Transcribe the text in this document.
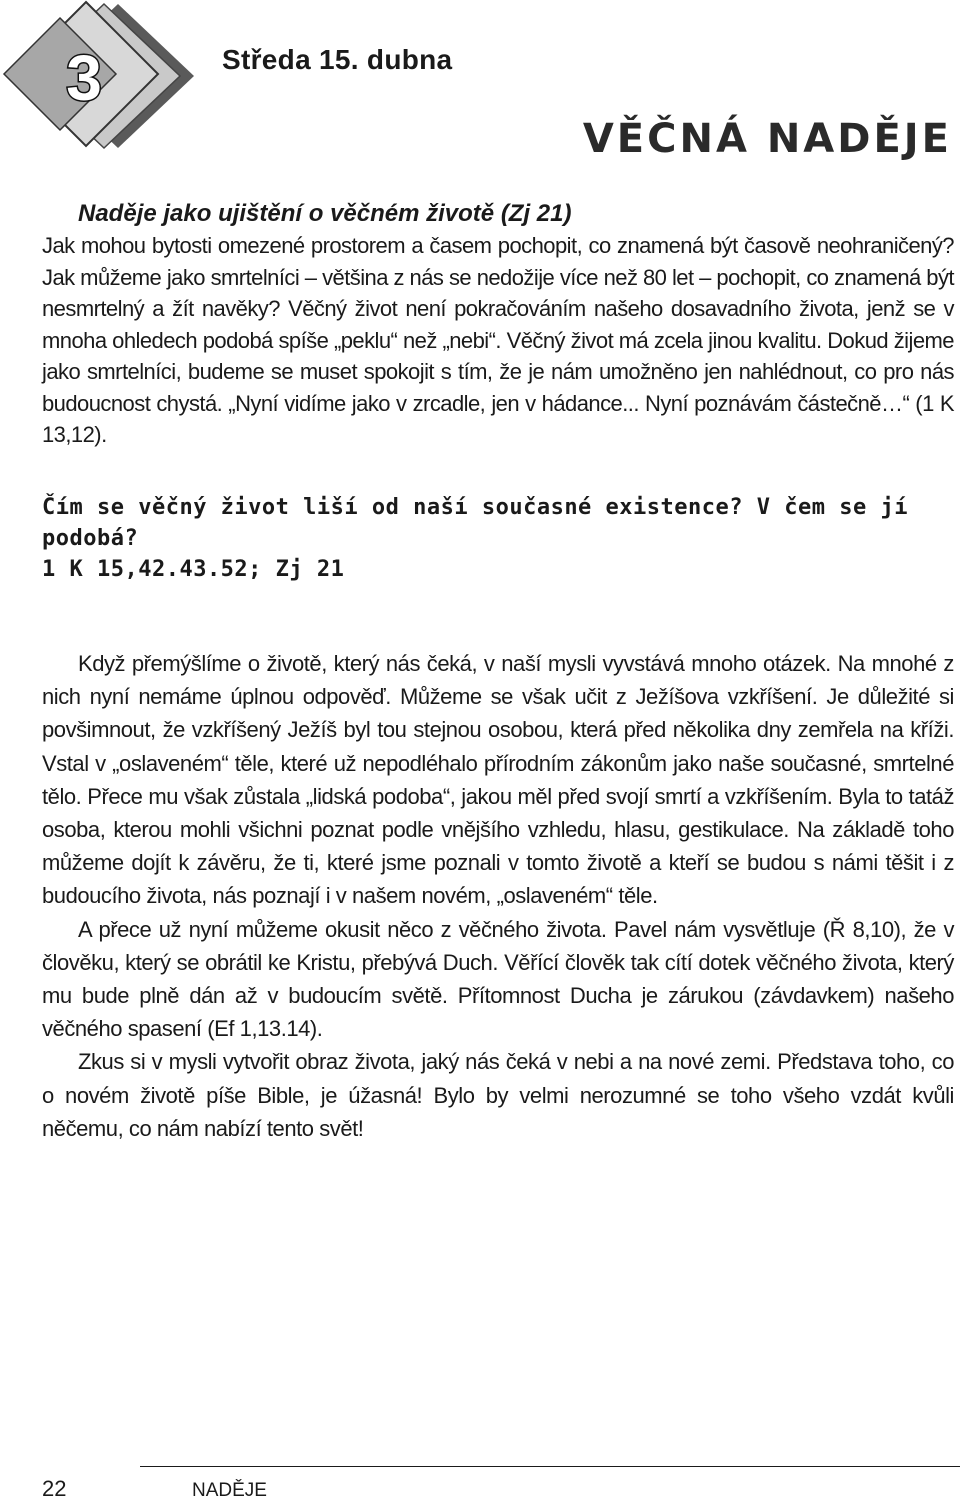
3	Středa 15. dubna
VĚČNÁ NADĚJE

Naděje jako ujištění o věčném životě (Zj 21)

Jak mohou bytosti omezené prostorem a časem pochopit, co znamená být časově neohraničený? Jak můžeme jako smrtelníci – většina z nás se nedožije více než 80 let – pochopit, co znamená být nesmrtelný a žít navěky? Věčný život není pokračováním našeho dosavadního života, jenž se v mnoha ohledech podobá spíše „peklu“ než „nebi“. Věčný život má zcela jinou kvalitu. Dokud žijeme jako smrtelníci, budeme se muset spokojit s tím, že je nám umožněno jen nahlédnout, co pro nás budoucnost chystá. „Nyní vidíme jako v zrcadle, jen v hádance... Nyní poznávám částečně…“ (1 K 13,12).

Čím se věčný život liší od naší současné existence? V čem se jí podobá?
1 K 15,42.43.52; Zj 21

Když přemýšlíme o životě, který nás čeká, v naší mysli vyvstává mnoho otázek. Na mnohé z nich nyní nemáme úplnou odpověď. Můžeme se však učit z Ježíšova vzkříšení. Je důležité si povšimnout, že vzkříšený Ježíš byl tou stejnou osobou, která před několika dny zemřela na kříži. Vstal v „oslaveném“ těle, které už nepodléhalo přírodním zákonům jako naše současné, smrtelné tělo. Přece mu však zůstala „lidská podoba“, jakou měl před svojí smrtí a vzkříšením. Byla to tatáž osoba, kterou mohli všichni poznat podle vnějšího vzhledu, hlasu, gestikulace. Na základě toho můžeme dojít k závěru, že ti, které jsme poznali v tomto životě a kteří se budou s námi těšit i z budoucího života, nás poznají i v našem novém, „oslaveném“ těle.

A přece už nyní můžeme okusit něco z věčného života. Pavel nám vysvětluje (Ř 8,10), že v člověku, který se obrátil ke Kristu, přebývá Duch. Věřící člověk tak cítí dotek věčného života, který mu bude plně dán až v budoucím světě. Přítomnost Ducha je zárukou (závdavkem) našeho věčného spasení (Ef 1,13.14).

Zkus si v mysli vytvořit obraz života, jaký nás čeká v nebi a na nové zemi. Představa toho, co o novém životě píše Bible, je úžasná! Bylo by velmi nerozumné se toho všeho vzdát kvůli něčemu, co nám nabízí tento svět!

22	NADĚJE
